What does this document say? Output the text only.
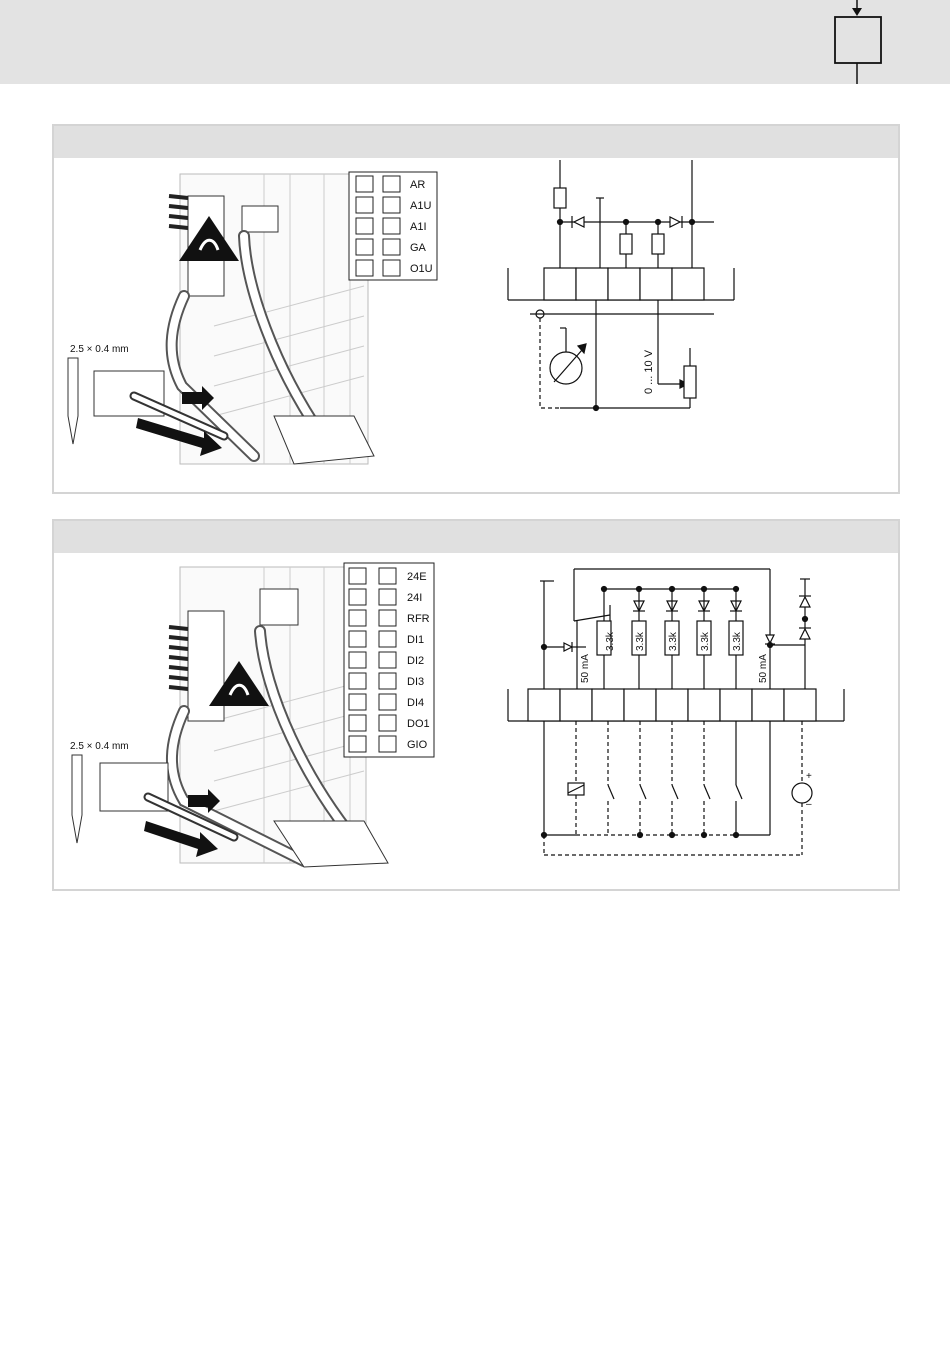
2.5 × 0.4 mm
AR
A1U
A1I
GA
O1U
0 ... 10 V
2.5 × 0.4 mm
24E
24I
RFR
DI1
DI2
DI3
DI4
DO1
GIO
+
–
50 mA	50 mA
3.3k 3.3k 3.3k 3.3k 3.3k
